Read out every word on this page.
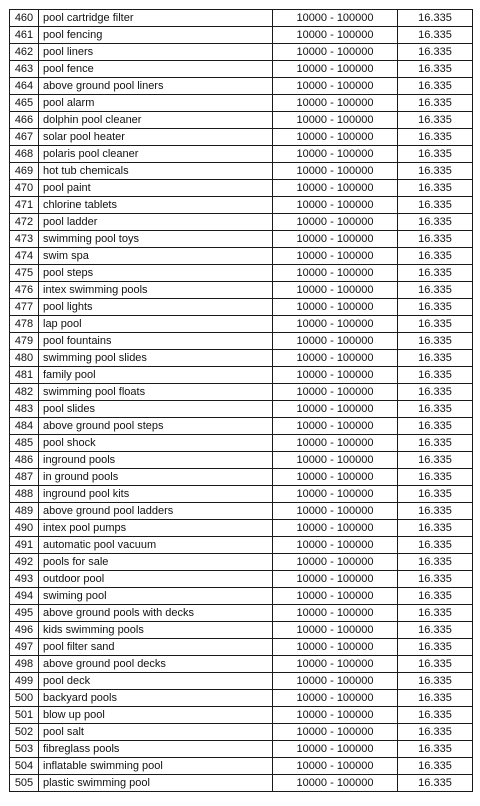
460	pool cartridge filter	10000 - 100000	16.335
461	pool fencing	10000 - 100000	16.335
462	pool liners	10000 - 100000	16.335
463	pool fence	10000 - 100000	16.335
464	above ground pool liners	10000 - 100000	16.335
465	pool alarm	10000 - 100000	16.335
466	dolphin pool cleaner	10000 - 100000	16.335
467	solar pool heater	10000 - 100000	16.335
468	polaris pool cleaner	10000 - 100000	16.335
469	hot tub chemicals	10000 - 100000	16.335
470	pool paint	10000 - 100000	16.335
471	chlorine tablets	10000 - 100000	16.335
472	pool ladder	10000 - 100000	16.335
473	swimming pool toys	10000 - 100000	16.335
474	swim spa	10000 - 100000	16.335
475	pool steps	10000 - 100000	16.335
476	intex swimming pools	10000 - 100000	16.335
477	pool lights	10000 - 100000	16.335
478	lap pool	10000 - 100000	16.335
479	pool fountains	10000 - 100000	16.335
480	swimming pool slides	10000 - 100000	16.335
481	family pool	10000 - 100000	16.335
482	swimming pool floats	10000 - 100000	16.335
483	pool slides	10000 - 100000	16.335
484	above ground pool steps	10000 - 100000	16.335
485	pool shock	10000 - 100000	16.335
486	inground pools	10000 - 100000	16.335
487	in ground pools	10000 - 100000	16.335
488	inground pool kits	10000 - 100000	16.335
489	above ground pool ladders	10000 - 100000	16.335
490	intex pool pumps	10000 - 100000	16.335
491	automatic pool vacuum	10000 - 100000	16.335
492	pools for sale	10000 - 100000	16.335
493	outdoor pool	10000 - 100000	16.335
494	swiming pool	10000 - 100000	16.335
495	above ground pools with decks	10000 - 100000	16.335
496	kids swimming pools	10000 - 100000	16.335
497	pool filter sand	10000 - 100000	16.335
498	above ground pool decks	10000 - 100000	16.335
499	pool deck	10000 - 100000	16.335
500	backyard pools	10000 - 100000	16.335
501	blow up pool	10000 - 100000	16.335
502	pool salt	10000 - 100000	16.335
503	fibreglass pools	10000 - 100000	16.335
504	inflatable swimming pool	10000 - 100000	16.335
505	plastic swimming pool	10000 - 100000	16.335
